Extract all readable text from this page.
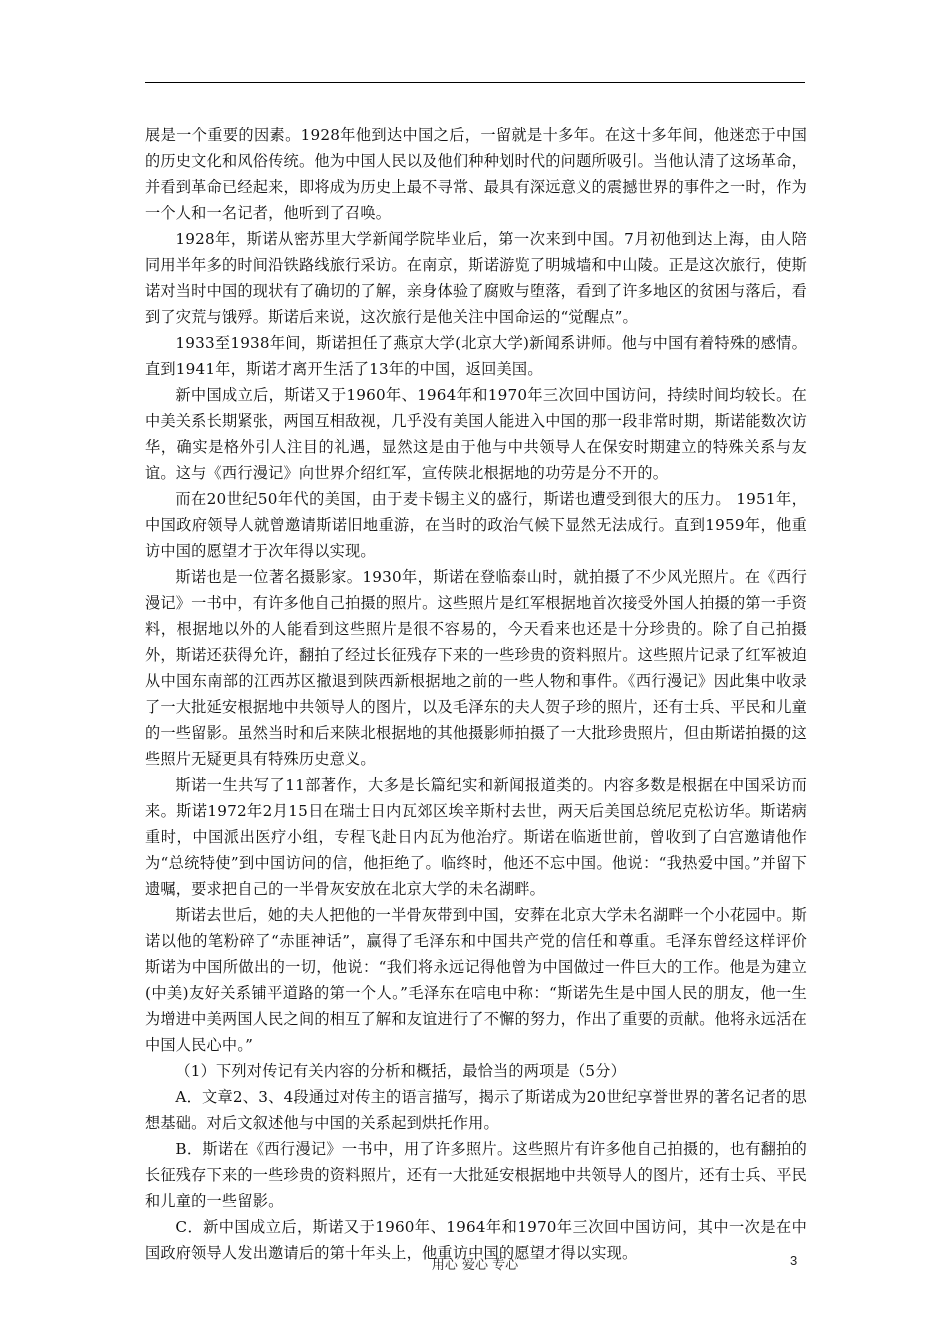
展是一个重要的因素。1928年他到达中国之后，一留就是十多年。在这十多年间，他迷恋于中国的历史文化和风俗传统。他为中国人民以及他们种种划时代的问题所吸引。当他认清了这场革命，并看到革命已经起来，即将成为历史上最不寻常、最具有深远意义的震撼世界的事件之一时，作为一个人和一名记者，他听到了召唤。

1928年，斯诺从密苏里大学新闻学院毕业后，第一次来到中国。7月初他到达上海，由人陪同用半年多的时间沿铁路线旅行采访。在南京，斯诺游览了明城墙和中山陵。正是这次旅行，使斯诺对当时中国的现状有了确切的了解，亲身体验了腐败与堕落，看到了许多地区的贫困与落后，看到了灾荒与饿殍。斯诺后来说，这次旅行是他关注中国命运的“觉醒点”。

1933至1938年间，斯诺担任了燕京大学(北京大学)新闻系讲师。他与中国有着特殊的感情。直到1941年，斯诺才离开生活了13年的中国，返回美国。

新中国成立后，斯诺又于1960年、1964年和1970年三次回中国访问，持续时间均较长。在中美关系长期紧张，两国互相敌视，几乎没有美国人能进入中国的那一段非常时期，斯诺能数次访华，确实是格外引人注目的礼遇，显然这是由于他与中共领导人在保安时期建立的特殊关系与友谊。这与《西行漫记》向世界介绍红军，宣传陕北根据地的功劳是分不开的。

而在20世纪50年代的美国，由于麦卡锡主义的盛行，斯诺也遭受到很大的压力。 1951年，中国政府领导人就曾邀请斯诺旧地重游，在当时的政治气候下显然无法成行。直到1959年，他重访中国的愿望才于次年得以实现。

斯诺也是一位著名摄影家。1930年，斯诺在登临泰山时，就拍摄了不少风光照片。在《西行漫记》一书中，有许多他自己拍摄的照片。这些照片是红军根据地首次接受外国人拍摄的第一手资料，根据地以外的人能看到这些照片是很不容易的，今天看来也还是十分珍贵的。除了自己拍摄外，斯诺还获得允许，翻拍了经过长征残存下来的一些珍贵的资料照片。这些照片记录了红军被迫从中国东南部的江西苏区撤退到陕西新根据地之前的一些人物和事件。《西行漫记》因此集中收录了一大批延安根据地中共领导人的图片，以及毛泽东的夫人贺子珍的照片，还有士兵、平民和儿童的一些留影。虽然当时和后来陕北根据地的其他摄影师拍摄了一大批珍贵照片，但由斯诺拍摄的这些照片无疑更具有特殊历史意义。

斯诺一生共写了11部著作，大多是长篇纪实和新闻报道类的。内容多数是根据在中国采访而来。斯诺1972年2月15日在瑞士日内瓦郊区埃辛斯村去世，两天后美国总统尼克松访华。斯诺病重时，中国派出医疗小组，专程飞赴日内瓦为他治疗。斯诺在临逝世前，曾收到了白宫邀请他作为“总统特使”到中国访问的信，他拒绝了。临终时，他还不忘中国。他说：“我热爱中国。”并留下遗嘱，要求把自己的一半骨灰安放在北京大学的未名湖畔。

斯诺去世后，她的夫人把他的一半骨灰带到中国，安葬在北京大学未名湖畔一个小花园中。斯诺以他的笔粉碎了“赤匪神话”，赢得了毛泽东和中国共产党的信任和尊重。毛泽东曾经这样评价斯诺为中国所做出的一切，他说：“我们将永远记得他曾为中国做过一件巨大的工作。他是为建立(中美)友好关系铺平道路的第一个人。”毛泽东在唁电中称：“斯诺先生是中国人民的朋友，他一生为增进中美两国人民之间的相互了解和友谊进行了不懈的努力，作出了重要的贡献。他将永远活在中国人民心中。”

（1）下列对传记有关内容的分析和概括，最恰当的两项是（5分）

A．文章2、3、4段通过对传主的语言描写，揭示了斯诺成为20世纪享誉世界的著名记者的思想基础。对后文叙述他与中国的关系起到烘托作用。

B．斯诺在《西行漫记》一书中，用了许多照片。这些照片有许多他自己拍摄的，也有翻拍的长征残存下来的一些珍贵的资料照片，还有一大批延安根据地中共领导人的图片，还有士兵、平民和儿童的一些留影。

C．新中国成立后，斯诺又于1960年、1964年和1970年三次回中国访问，其中一次是在中国政府领导人发出邀请后的第十年头上，他重访中国的愿望才得以实现。

用心 爱心 专心	3
